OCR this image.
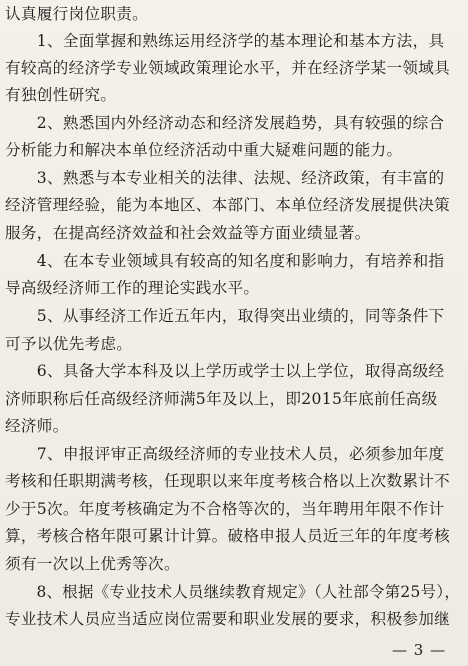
认真履行岗位职责。
　　1、全面掌握和熟练运用经济学的基本理论和基本方法，具
有较高的经济学专业领域政策理论水平，并在经济学某一领域具
有独创性研究。
　　2、熟悉国内外经济动态和经济发展趋势，具有较强的综合
分析能力和解决本单位经济活动中重大疑难问题的能力。
　　3、熟悉与本专业相关的法律、法规、经济政策，有丰富的
经济管理经验，能为本地区、本部门、本单位经济发展提供决策
服务，在提高经济效益和社会效益等方面业绩显著。
　　4、在本专业领域具有较高的知名度和影响力，有培养和指
导高级经济师工作的理论实践水平。
　　5、从事经济工作近五年内，取得突出业绩的，同等条件下
可予以优先考虑。
　　6、具备大学本科及以上学历或学士以上学位，取得高级经
济师职称后任高级经济师满5年及以上，即2015年底前任高级
经济师。
　　7、申报评审正高级经济师的专业技术人员，必须参加年度
考核和任职期满考核，任现职以来年度考核合格以上次数累计不
少于5次。年度考核确定为不合格等次的，当年聘用年限不作计
算，考核合格年限可累计计算。破格申报人员近三年的年度考核
须有一次以上优秀等次。
　　8、根据《专业技术人员继续教育规定》（人社部令第25号），
专业技术人员应当适应岗位需要和职业发展的要求，积极参加继
— 3 —
